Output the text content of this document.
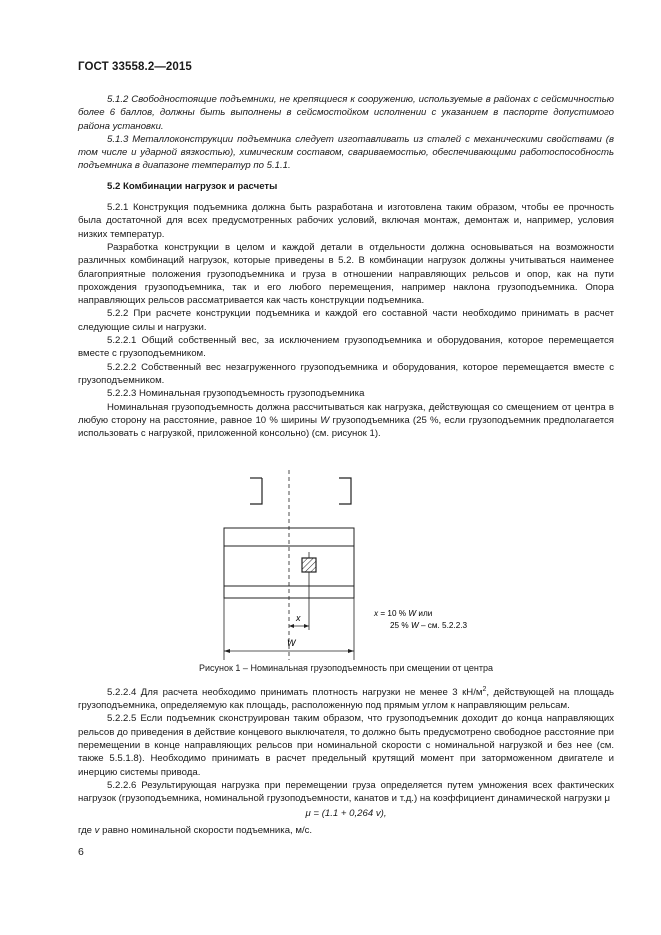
ГОСТ 33558.2—2015

5.1.2 Свободностоящие подъемники, не крепящиеся к сооружению, используемые в районах с сейсмичностью более 6 баллов, должны быть выполнены в сейсмостойком исполнении с указанием в паспорте допустимого района установки.

5.1.3 Металлоконструкции подъемника следует изготавливать из сталей с механическими свойствами (в том числе и ударной вязкостью), химическим составом, свариваемостью, обеспечивающими работоспособность подъемника в диапазоне температур по 5.1.1.

5.2 Комбинации нагрузок и расчеты

5.2.1 Конструкция подъемника должна быть разработана и изготовлена таким образом, чтобы ее прочность была достаточной для всех предусмотренных рабочих условий, включая монтаж, демонтаж и, например, условия низких температур.

Разработка конструкции в целом и каждой детали в отдельности должна основываться на возможности различных комбинаций нагрузок, которые приведены в 5.2. В комбинации нагрузок должны учитываться наименее благоприятные положения грузоподъемника и груза в отношении направляющих рельсов и опор, как на пути прохождения грузоподъемника, так и его любого перемещения, например наклона грузоподъемника. Опора направляющих рельсов рассматривается как часть конструкции подъемника.

5.2.2 При расчете конструкции подъемника и каждой его составной части необходимо принимать в расчет следующие силы и нагрузки.

5.2.2.1 Общий собственный вес, за исключением грузоподъемника и оборудования, которое перемещается вместе с грузоподъемником.

5.2.2.2 Собственный вес незагруженного грузоподъемника и оборудования, которое перемещается вместе с грузоподъемником.

5.2.2.3 Номинальная грузоподъемность грузоподъемника

Номинальная грузоподъемность должна рассчитываться как нагрузка, действующая со смещением от центра в любую сторону на расстояние, равное 10 % ширины W грузоподъемника (25 %, если грузоподъемник предполагается использовать с нагрузкой, приложенной консольно) (см. рисунок 1).

x
W
x = 10 % W или
25 % W – см. 5.2.2.3
Рисунок 1 – Номинальная грузоподъемность при смещении от центра

5.2.2.4 Для расчета необходимо принимать плотность нагрузки не менее 3 $кН/м^2$, действующей на площадь грузоподъемника, определяемую как площадь, расположенную под прямым углом к направляющим рельсам.

5.2.2.5 Если подъемник сконструирован таким образом, что грузоподъемник доходит до конца направляющих рельсов до приведения в действие концевого выключателя, то должно быть предусмотрено свободное расстояние при перемещении в конце направляющих рельсов при номинальной скорости с номинальной нагрузкой и без нее (см. также 5.5.1.8). Необходимо принимать в расчет предельный крутящий момент при заторможенном двигателе и инерцию системы привода.

5.2.2.6 Результирующая нагрузка при перемещении груза определяется путем умножения всех фактических нагрузок (грузоподъемника, номинальной грузоподъемности, канатов и т.д.) на коэффициент динамической нагрузки μ

μ = (1.1 + 0,264 v),

где v равно номинальной скорости подъемника, м/с.

6
